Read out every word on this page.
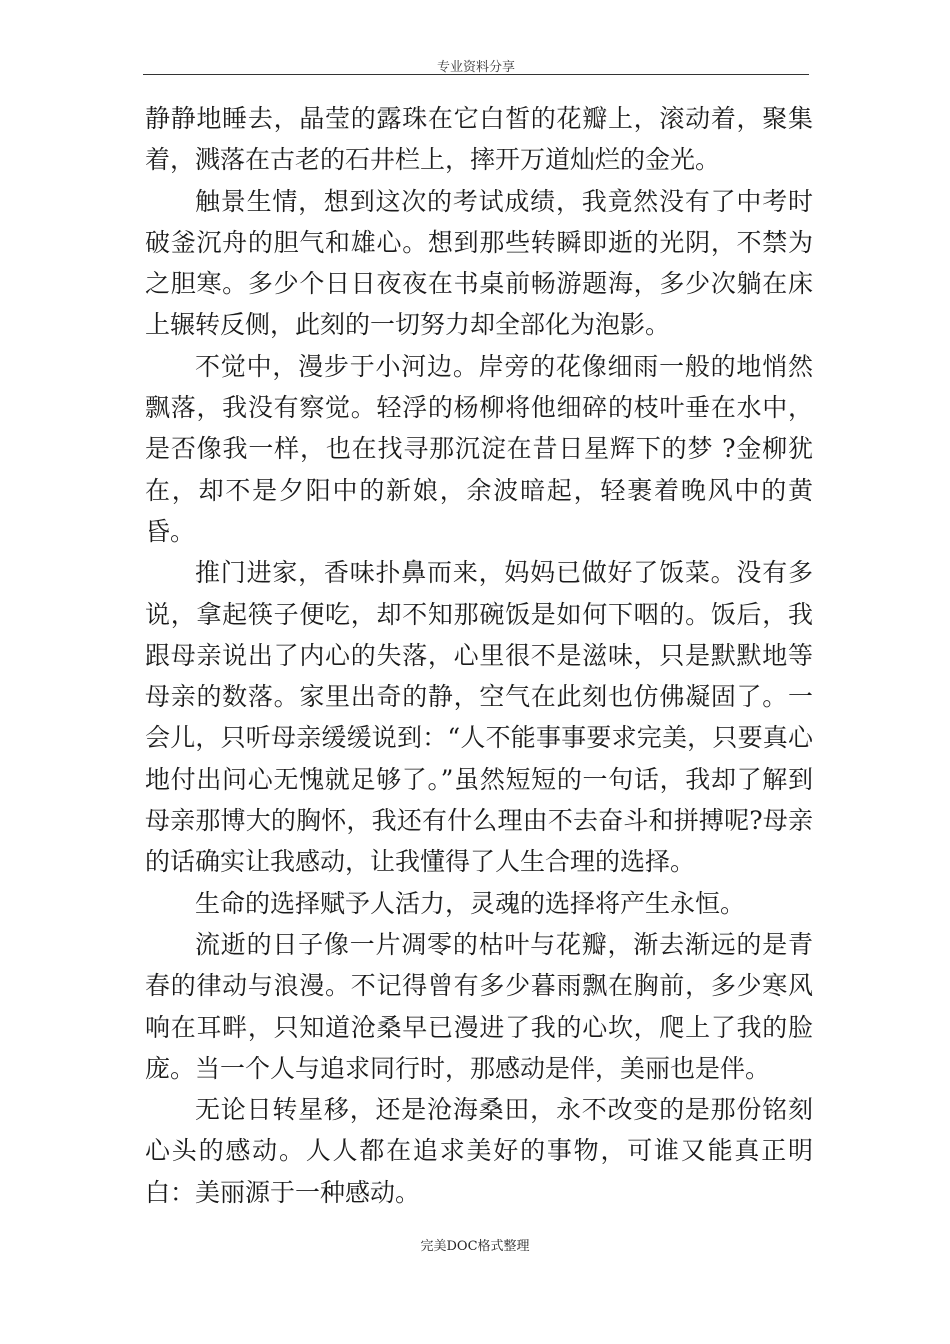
专业资料分享

静静地睡去，晶莹的露珠在它白皙的花瓣上，滚动着，聚集着，溅落在古老的石井栏上，摔开万道灿烂的金光。

触景生情，想到这次的考试成绩，我竟然没有了中考时破釜沉舟的胆气和雄心。想到那些转瞬即逝的光阴，不禁为之胆寒。多少个日日夜夜在书桌前畅游题海，多少次躺在床上辗转反侧，此刻的一切努力却全部化为泡影。

不觉中，漫步于小河边。岸旁的花像细雨一般的地悄然飘落，我没有察觉。轻浮的杨柳将他细碎的枝叶垂在水中，是否像我一样，也在找寻那沉淀在昔日星辉下的梦 ?金柳犹在，却不是夕阳中的新娘，余波暗起，轻裹着晚风中的黄昏。

推门进家，香味扑鼻而来，妈妈已做好了饭菜。没有多说，拿起筷子便吃，却不知那碗饭是如何下咽的。饭后，我跟母亲说出了内心的失落，心里很不是滋味，只是默默地等母亲的数落。家里出奇的静，空气在此刻也仿佛凝固了。一会儿，只听母亲缓缓说到：“人不能事事要求完美，只要真心地付出问心无愧就足够了。”虽然短短的一句话，我却了解到母亲那博大的胸怀，我还有什么理由不去奋斗和拼搏呢?母亲的话确实让我感动，让我懂得了人生合理的选择。

生命的选择赋予人活力，灵魂的选择将产生永恒。

流逝的日子像一片凋零的枯叶与花瓣，渐去渐远的是青春的律动与浪漫。不记得曾有多少暮雨飘在胸前，多少寒风响在耳畔，只知道沧桑早已漫进了我的心坎，爬上了我的脸庞。当一个人与追求同行时，那感动是伴，美丽也是伴。

无论日转星移，还是沧海桑田，永不改变的是那份铭刻心头的感动。人人都在追求美好的事物，可谁又能真正明白：美丽源于一种感动。

完美DOC格式整理
